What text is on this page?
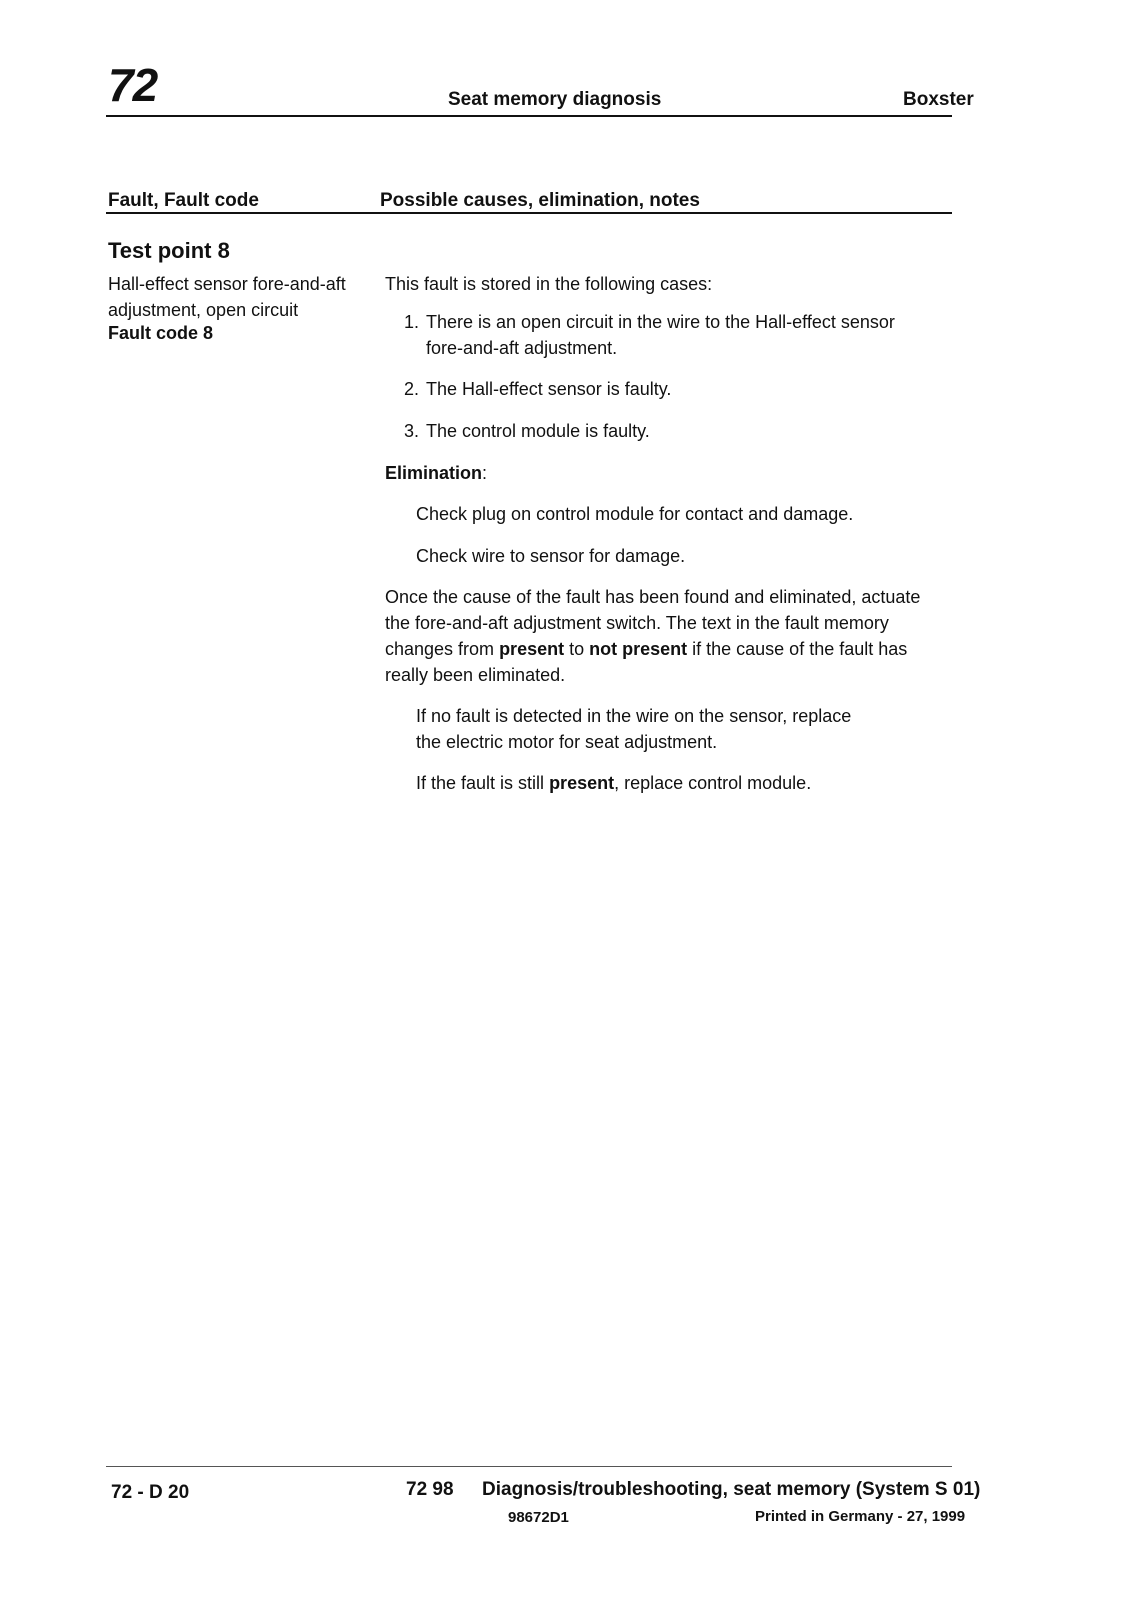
72	Seat memory diagnosis	Boxster
Fault, Fault code	Possible causes, elimination, notes
Test point 8
Hall-effect sensor fore-and-aft adjustment, open circuit
Fault code 8
This fault is stored in the following cases:
1. There is an open circuit in the wire to the Hall-effect sensor fore-and-aft adjustment.
2. The Hall-effect sensor is faulty.
3. The control module is faulty.
Elimination:
Check plug on control module for contact and damage.
Check wire to sensor for damage.
Once the cause of the fault has been found and eliminated, actuate the fore-and-aft adjustment switch. The text in the fault memory changes from present to not present if the cause of the fault has really been eliminated.
If no fault is detected in the wire on the sensor, replace the electric motor for seat adjustment.
If the fault is still present, replace control module.
72 - D 20	72 98 Diagnosis/troubleshooting, seat memory (System S 01)
98672D1	Printed in Germany - 27, 1999
